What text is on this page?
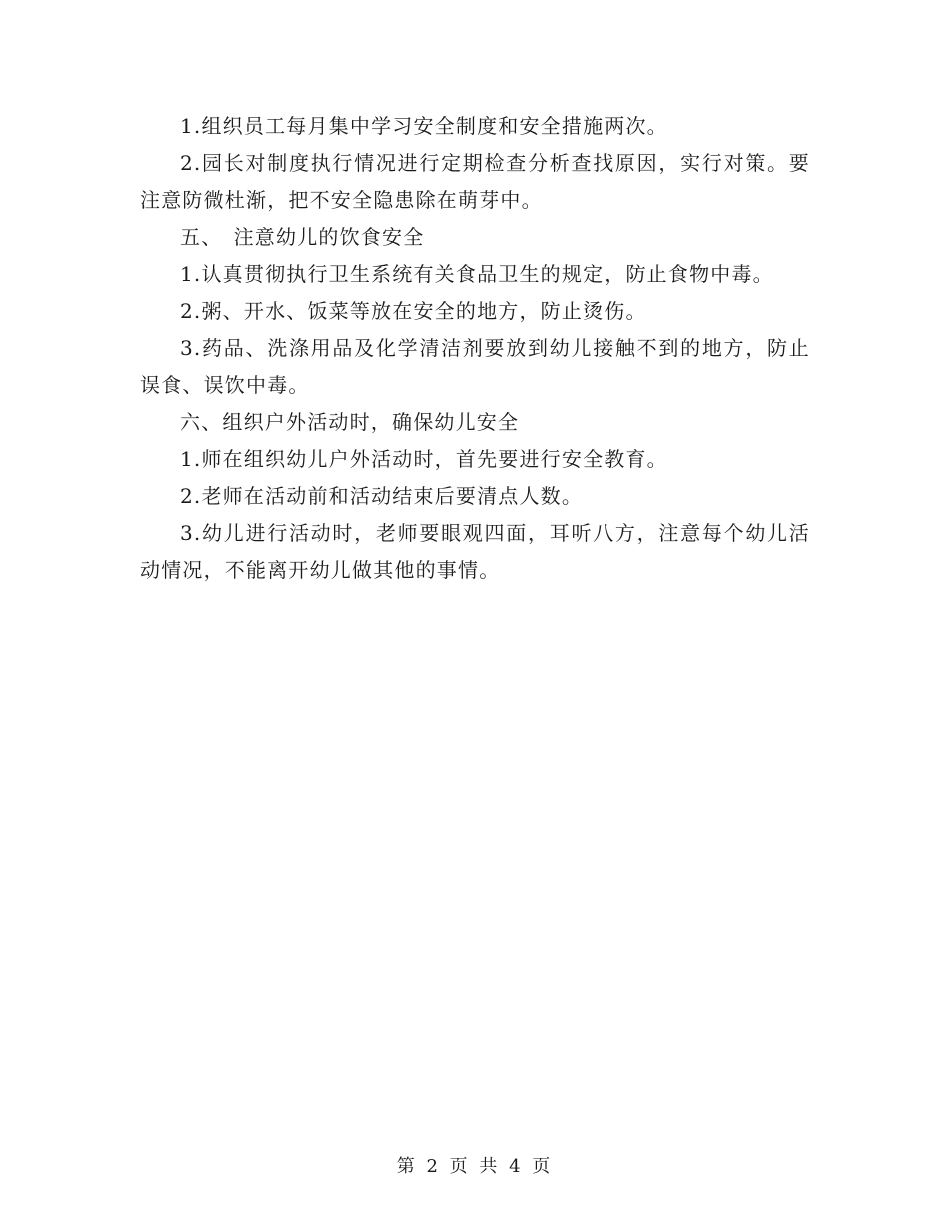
1.组织员工每月集中学习安全制度和安全措施两次。

2.园长对制度执行情况进行定期检查分析查找原因，实行对策。要注意防微杜渐，把不安全隐患除在萌芽中。

五、　注意幼儿的饮食安全

1.认真贯彻执行卫生系统有关食品卫生的规定，防止食物中毒。

2.粥、开水、饭菜等放在安全的地方，防止烫伤。

3.药品、洗涤用品及化学清洁剂要放到幼儿接触不到的地方，防止误食、误饮中毒。

六、组织户外活动时，确保幼儿安全

1.师在组织幼儿户外活动时，首先要进行安全教育。

2.老师在活动前和活动结束后要清点人数。

3.幼儿进行活动时，老师要眼观四面，耳听八方，注意每个幼儿活动情况，不能离开幼儿做其他的事情。

第 2 页 共 4 页
